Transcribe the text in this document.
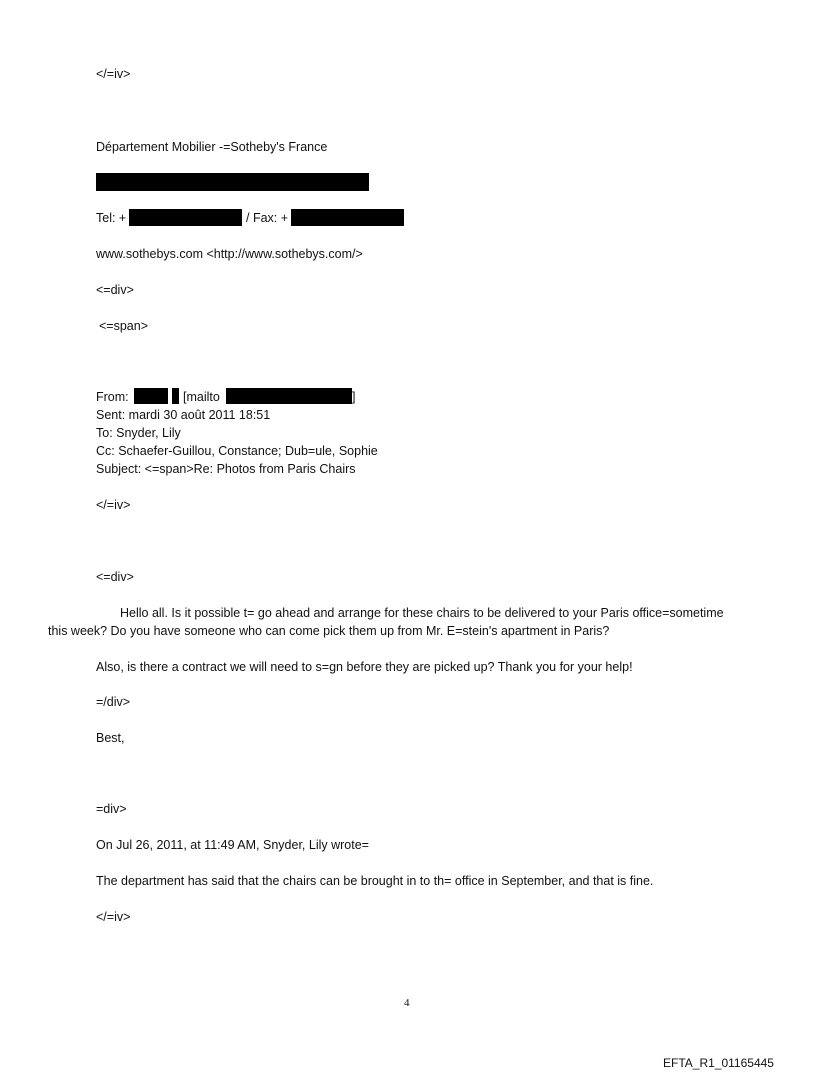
</=iv>
Département Mobilier -=Sotheby's France
Tel: +	/ Fax: +
www.sothebys.com <http://www.sothebys.com/>
<=div>
<=span>
From:	[mailto	]
Sent: mardi 30 août 2011 18:51
To: Snyder, Lily
Cc: Schaefer-Guillou, Constance; Dub=ule, Sophie
Subject: <=span>Re: Photos from Paris Chairs
</=iv>
<=div>
Hello all. Is it possible t= go ahead and arrange for these chairs to be delivered to your Paris office=sometime
this week? Do you have someone who can come pick them up from Mr. E=stein's apartment in Paris?
Also, is there a contract we will need to s=gn before they are picked up? Thank you for your help!
=/div>
Best,
=div>
On Jul 26, 2011, at 11:49 AM, Snyder, Lily wrote=
The department has said that the chairs can be brought in to th= office in September, and that is fine.
</=iv>
4
EFTA_R1_01165445
